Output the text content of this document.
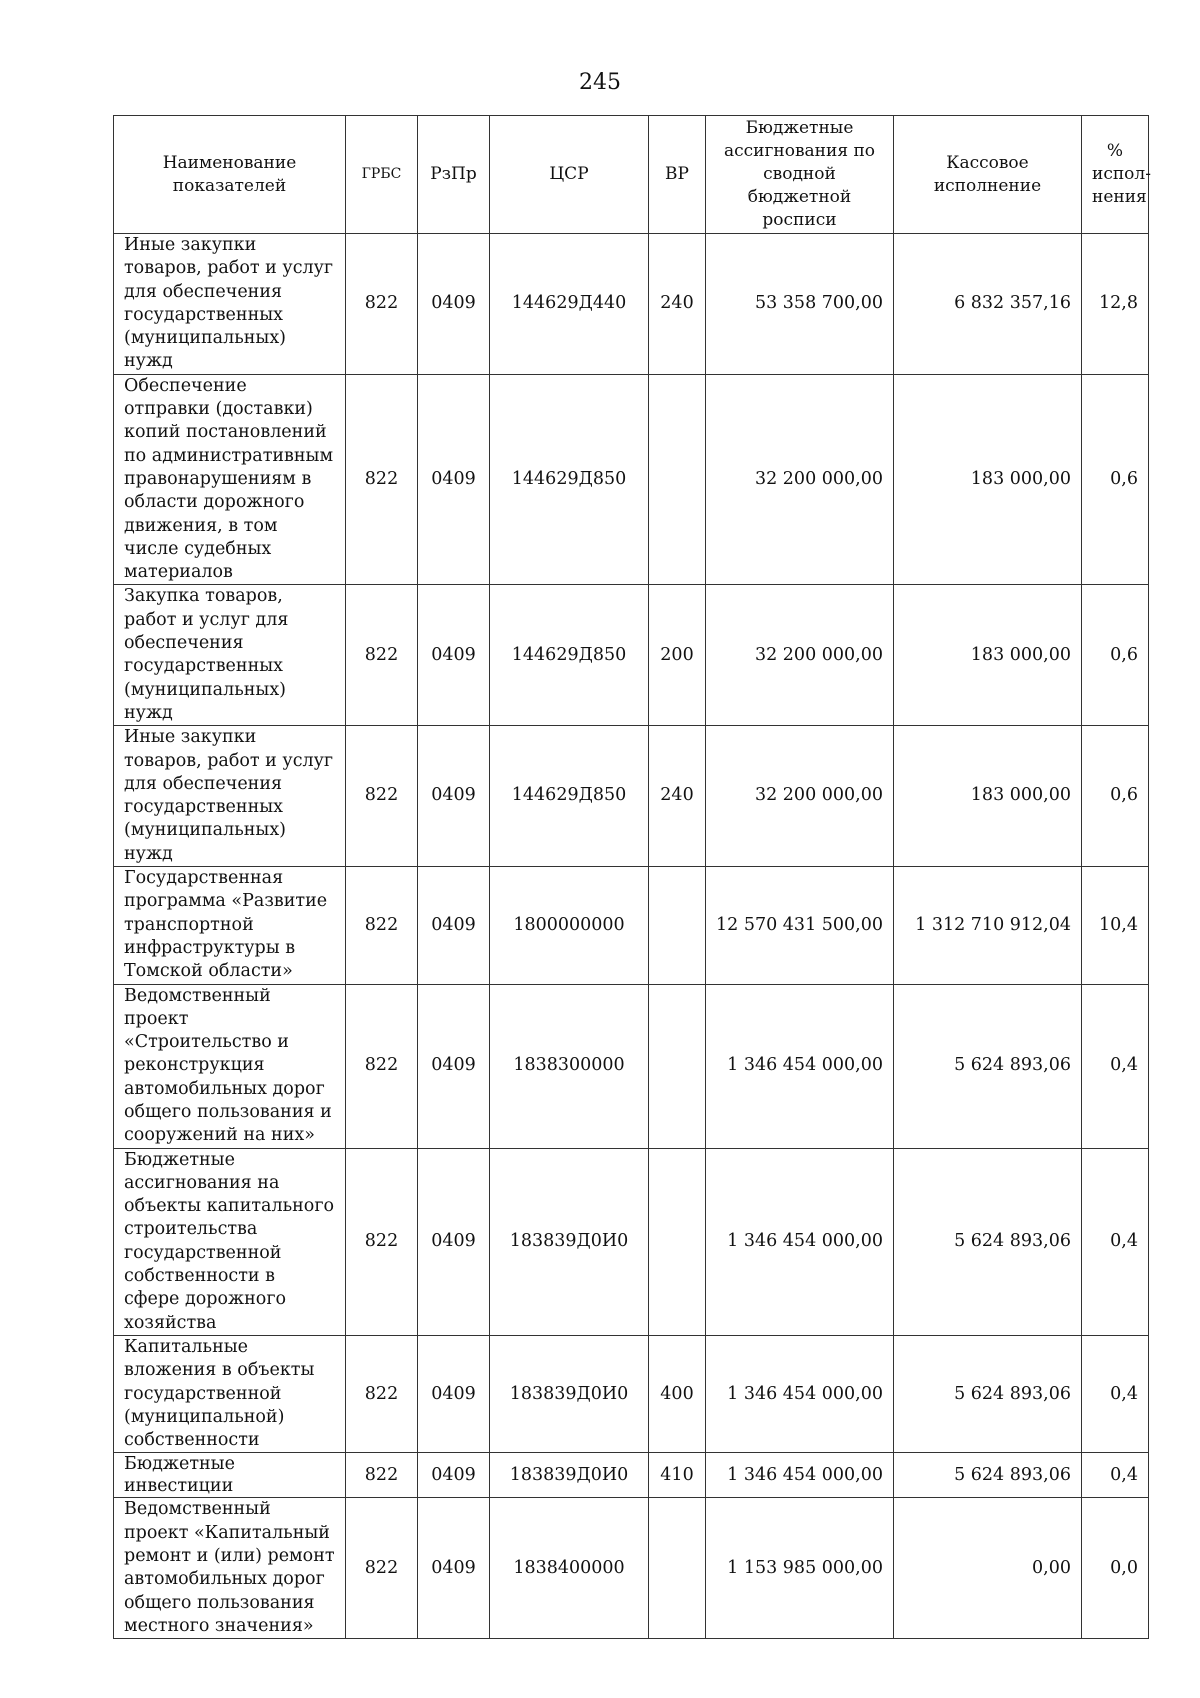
245
Наименование показателей	ГРБС	РзПр	ЦСР	ВР	Бюджетные ассигнования по сводной бюджетной росписи	Кассовое исполнение	%
испол-
нения

Иные закупки товаров, работ и услуг для обеспечения государственных (муниципальных) нужд	822	0409	144629Д440	240	53 358 700,00	6 832 357,16	12,8
Обеспечение отправки (доставки) копий постановлений по административным правонарушениям в области дорожного движения, в том числе судебных материалов	822	0409	144629Д850		32 200 000,00	183 000,00	0,6
Закупка товаров, работ и услуг для обеспечения государственных (муниципальных) нужд	822	0409	144629Д850	200	32 200 000,00	183 000,00	0,6
Иные закупки товаров, работ и услуг для обеспечения государственных (муниципальных) нужд	822	0409	144629Д850	240	32 200 000,00	183 000,00	0,6
Государственная программа «Развитие транспортной инфраструктуры в Томской области»	822	0409	1800000000		12 570 431 500,00	1 312 710 912,04	10,4
Ведомственный проект «Строительство и реконструкция автомобильных дорог общего пользования и сооружений на них»	822	0409	1838300000		1 346 454 000,00	5 624 893,06	0,4
Бюджетные ассигнования на объекты капитального строительства государственной собственности в сфере дорожного хозяйства	822	0409	183839Д0И0		1 346 454 000,00	5 624 893,06	0,4
Капитальные вложения в объекты государственной (муниципальной) собственности	822	0409	183839Д0И0	400	1 346 454 000,00	5 624 893,06	0,4
Бюджетные инвестиции	822	0409	183839Д0И0	410	1 346 454 000,00	5 624 893,06	0,4
Ведомственный проект «Капитальный ремонт и (или) ремонт автомобильных дорог общего пользования местного значения»	822	0409	1838400000		1 153 985 000,00	0,00	0,0
